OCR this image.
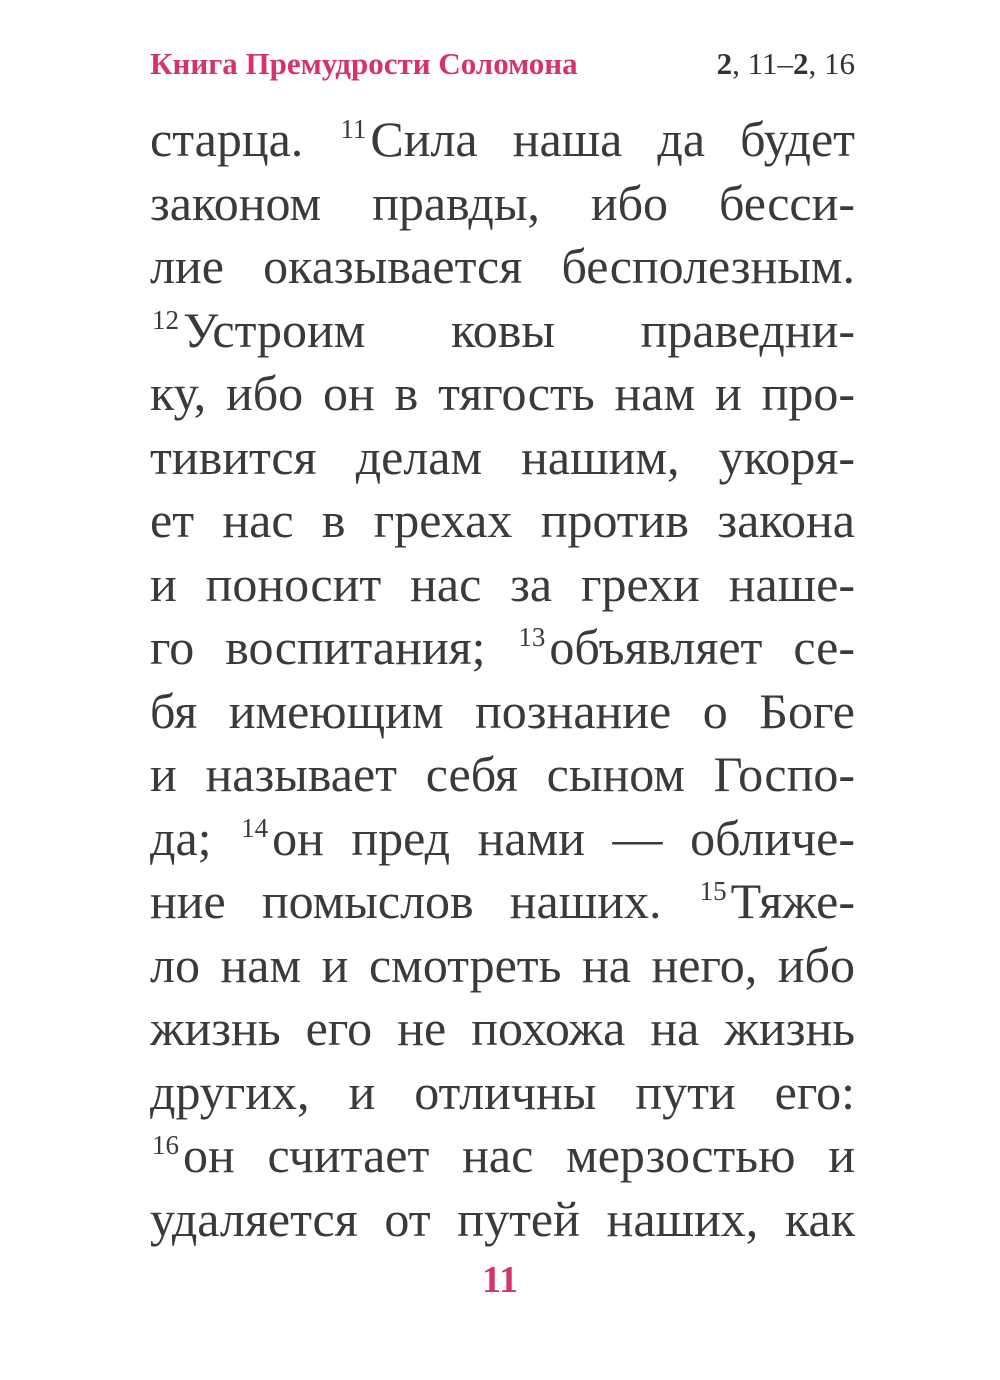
Книга Премудрости Соломона	2, 11–2, 16
старца. $^{11}$Сила наша да будет
законом правды, ибо бесси-
лие оказывается бесполезным.
$^{12}$Устроим ковы праведни-
ку, ибо он в тягость нам и про-
тивится делам нашим, укоря-
ет нас в грехах против закона
и поносит нас за грехи наше-
го воспитания; $^{13}$объявляет се-
бя имеющим познание о Боге
и называет себя сыном Госпо-
да; $^{14}$он пред нами — обличе-
ние помыслов наших. $^{15}$Тяже-
ло нам и смотреть на него, ибо
жизнь его не похожа на жизнь
других, и отличны пути его:
$^{16}$он считает нас мерзостью и
удаляется от путей наших, как
11
